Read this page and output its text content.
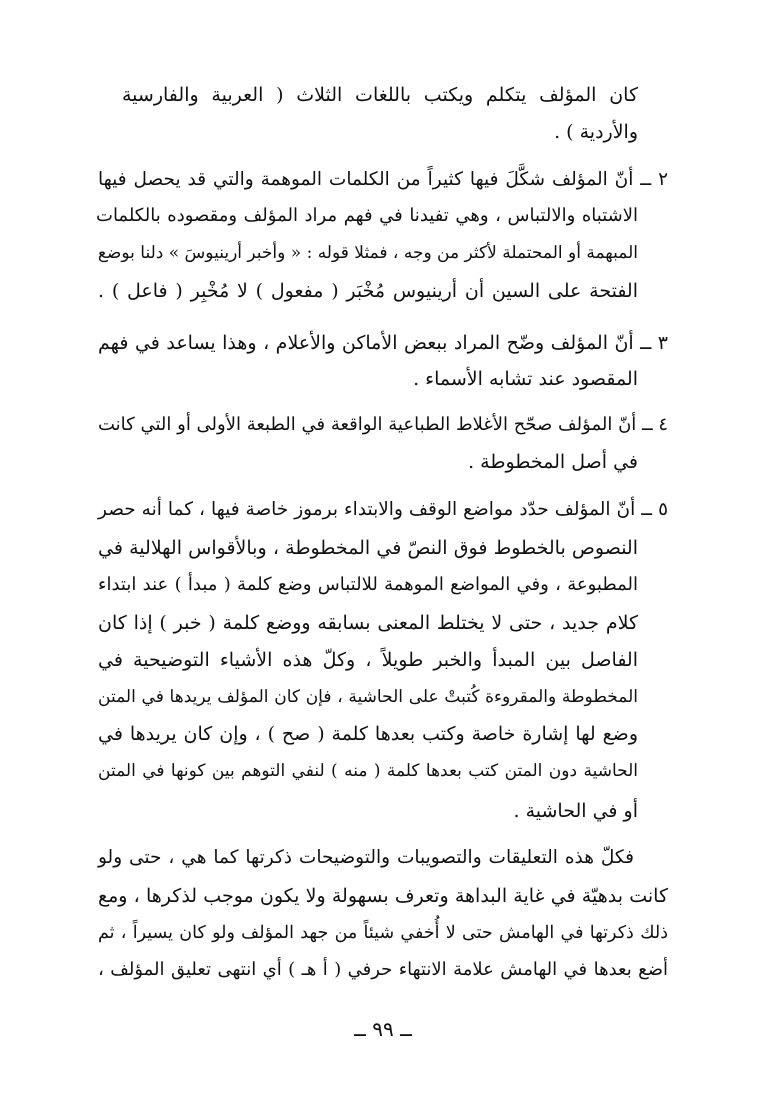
كان المؤلف يتكلم ويكتب باللغات الثلاث ( العربية والفارسية
والأردية ) .
٢ ــ أنّ المؤلف شكَّلَ فيها كثيراً من الكلمات الموهمة والتي قد يحصل فيها
الاشتباه والالتباس ، وهي تفيدنا في فهم مراد المؤلف ومقصوده بالكلمات
المبهمة أو المحتملة لأكثر من وجه ، فمثلا قوله : « وأخبر أرينيوسَ » دلنا بوضع
الفتحة على السين أن أرينيوس مُخْبَر ( مفعول ) لا مُخْبِر ( فاعل ) .
٣ ــ أنّ المؤلف وضّح المراد ببعض الأماكن والأعلام ، وهذا يساعد في فهم
المقصود عند تشابه الأسماء .
٤ ــ أنّ المؤلف صحّح الأغلاط الطباعية الواقعة في الطبعة الأولى أو التي كانت
في أصل المخطوطة .
٥ ــ أنّ المؤلف حدّد مواضع الوقف والابتداء برموز خاصة فيها ، كما أنه حصر
النصوص بالخطوط فوق النصّ في المخطوطة ، وبالأقواس الهلالية في
المطبوعة ، وفي المواضع الموهمة للالتباس وضع كلمة ( مبدأ ) عند ابتداء
كلام جديد ، حتى لا يختلط المعنى بسابقه ووضع كلمة ( خبر ) إذا كان
الفاصل بين المبدأ والخبر طويلاً ، وكلّ هذه الأشياء التوضيحية في
المخطوطة والمقروءة كُتبتْ على الحاشية ، فإن كان المؤلف يريدها في المتن
وضع لها إشارة خاصة وكتب بعدها كلمة ( صح ) ، وإن كان يريدها في
الحاشية دون المتن كتب بعدها كلمة ( منه ) لنفي التوهم بين كونها في المتن
أو في الحاشية .
فكلّ هذه التعليقات والتصويبات والتوضيحات ذكرتها كما هي ، حتى ولو
كانت بدهيّة في غاية البداهة وتعرف بسهولة ولا يكون موجب لذكرها ، ومع
ذلك ذكرتها في الهامش حتى لا أُخفي شيئاً من جهد المؤلف ولو كان يسيراً ، ثم
أضع بعدها في الهامش علامة الانتهاء حرفي ( أ هـ ) أي انتهى تعليق المؤلف ،
ــ ٩٩ ــ
